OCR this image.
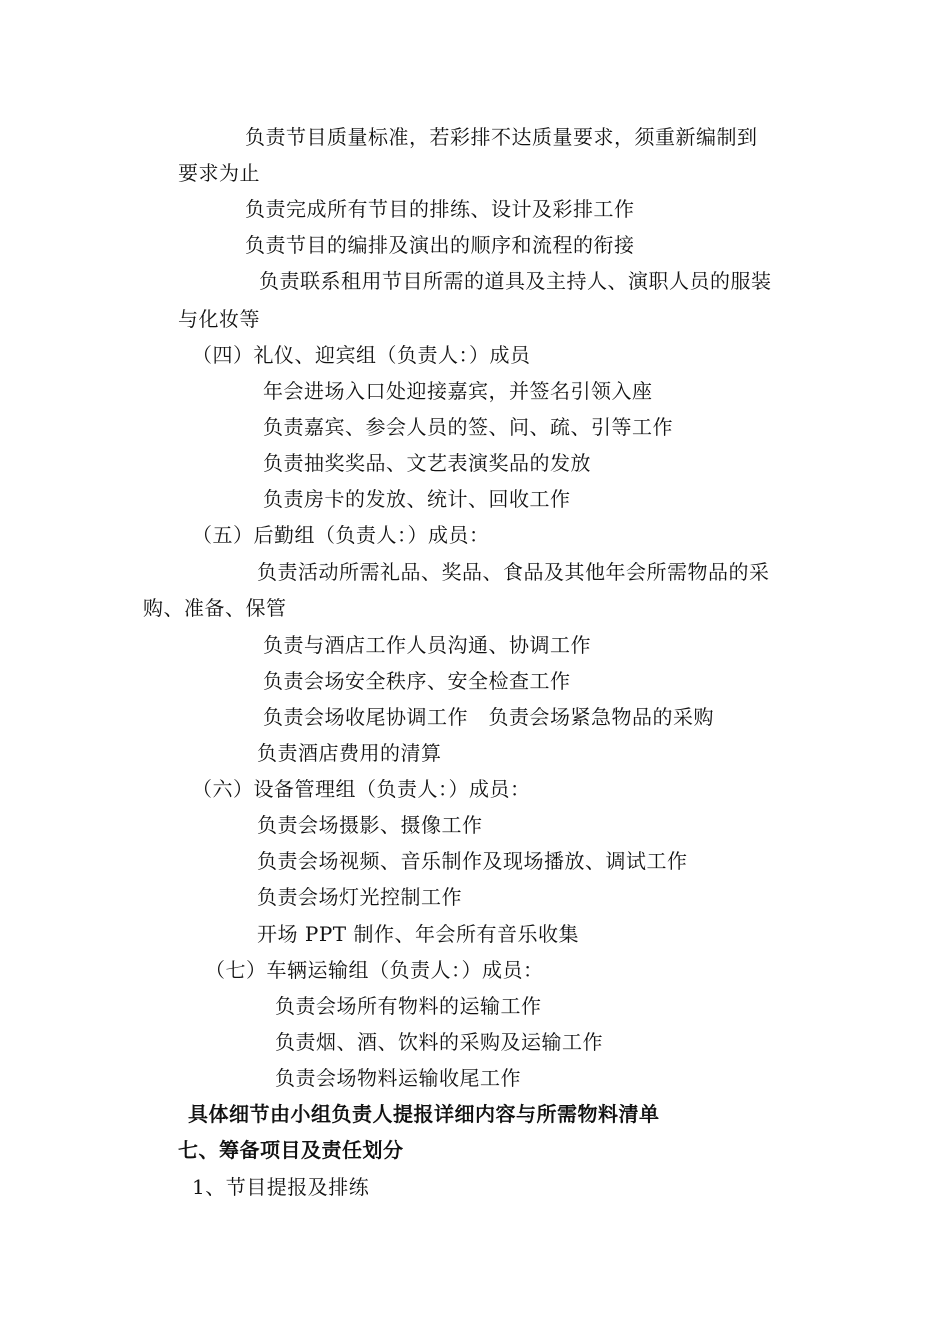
负责节目质量标准，若彩排不达质量要求，须重新编制到
要求为止
负责完成所有节目的排练、设计及彩排工作
负责节目的编排及演出的顺序和流程的衔接
负责联系租用节目所需的道具及主持人、演职人员的服装
与化妆等
（四）礼仪、迎宾组（负责人：）成员
年会进场入口处迎接嘉宾，并签名引领入座
负责嘉宾、参会人员的签、问、疏、引等工作
负责抽奖奖品、文艺表演奖品的发放
负责房卡的发放、统计、回收工作
（五）后勤组（负责人：）成员：
负责活动所需礼品、奖品、食品及其他年会所需物品的采
购、准备、保管
负责与酒店工作人员沟通、协调工作
负责会场安全秩序、安全检查工作
负责会场收尾协调工作　负责会场紧急物品的采购
负责酒店费用的清算
（六）设备管理组（负责人：）成员：
负责会场摄影、摄像工作
负责会场视频、音乐制作及现场播放、调试工作
负责会场灯光控制工作
开场 PPT 制作、年会所有音乐收集
（七）车辆运输组（负责人：）成员：
负责会场所有物料的运输工作
负责烟、酒、饮料的采购及运输工作
负责会场物料运输收尾工作
具体细节由小组负责人提报详细内容与所需物料清单
七、筹备项目及责任划分
1、节目提报及排练
